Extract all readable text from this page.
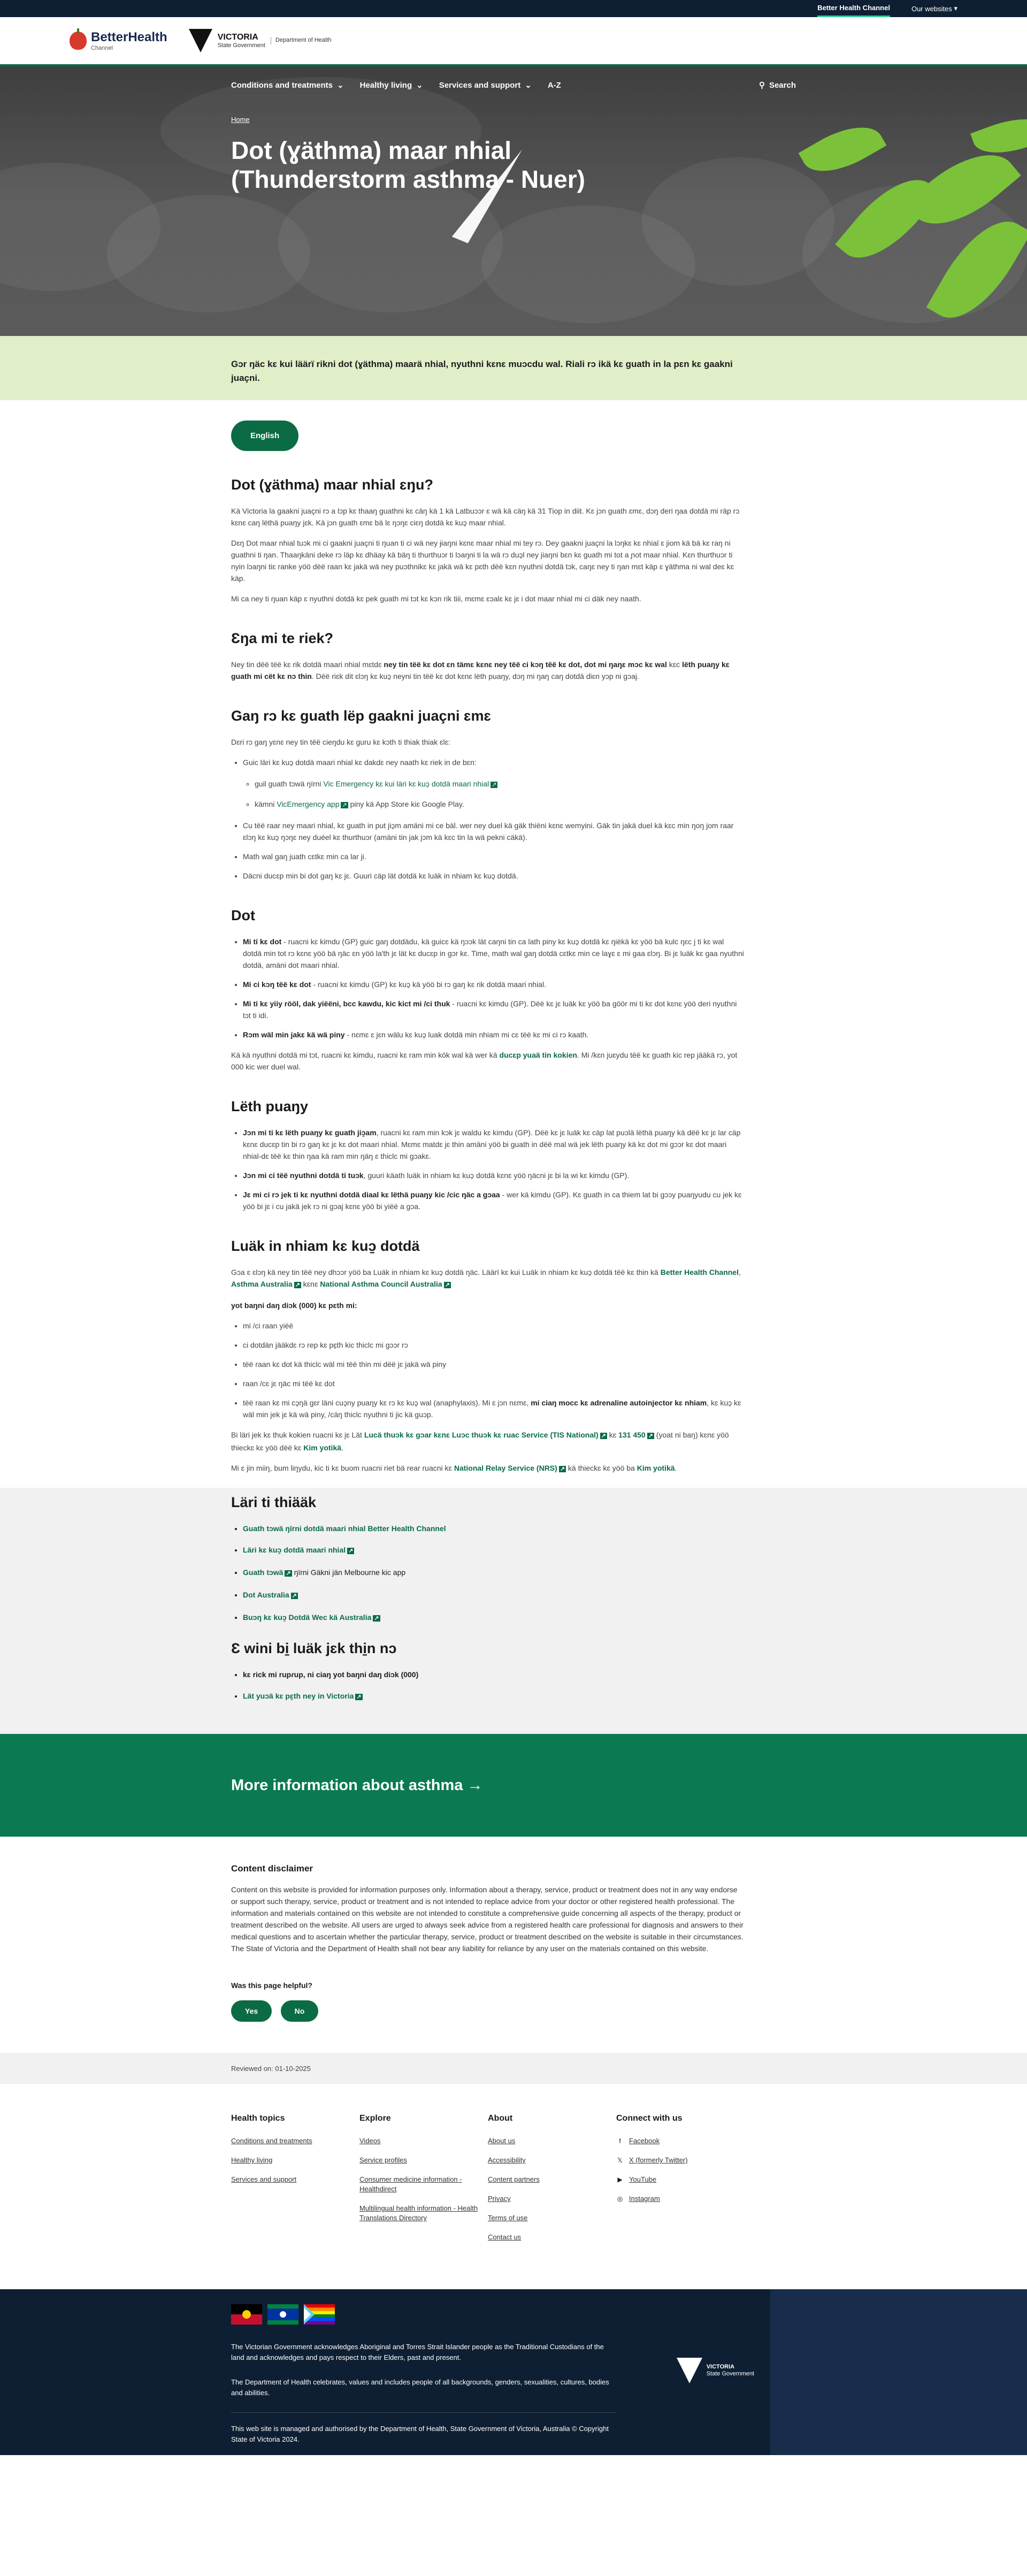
Better Health Channel	Our websites
▾
BetterHealth
Channel
VICTORIA
State Government
Department of Health
Conditions and treatments ⌄ Healthy living ⌄ Services and support ⌄ A-Z	⚲ Search
Home
Dot (ɣäthma) maar nhial (Thunderstorm asthma - Nuer)

Gɔr ŋäc kɛ kui läärï rikni dot (ɣäthma) maarä nhial, nyuthni kɛnɛ muɔcdu wal. Riali rɔ ikä kɛ guath in la pɛn kɛ gaakni juaçni.

English
Dot (ɣäthma) maar nhial ɛŋu?

Kä Victoria la gaakni juaçni rɔ a lɔp kɛ thaaŋ guathni kɛ cäŋ kä 1 kä Latbuɔɔr ɛ wä kä cäŋ kä 31 Tiop in diit. Kɛ jɔn guath ɛmɛ, dɔŋ deri ŋaa dotdä mi räp rɔ kɛnɛ caŋ lëthä puaŋy jɛk. Kä jɔn guath ɛmɛ bä lɛ ŋɔŋɛ ciɛŋ dotdä kɛ kuɔ̱ maar nhial.

Dɛŋ Dot maar nhial tuɔk mi ci gaakni juaçni ti ŋuan ti ci wä ney ɉiaŋni kɛnɛ maar nhial mi tey rɔ. Dey gaakni juaçni la lɔŋkɛ kɛ nhial ɛ jiom kä bä kɛ raŋ ni guathni ti ŋan. Thaaŋkäni deke rɔ läp kɛ dhäay kä bäŋ ti thurthuɔr ti lɔaŋni ti la wä rɔ duɔ̱l ney jiaŋni bɛn kɛ guath mi tot a ɲot maar nhial. Kɛn thurthuɔr ti nyin lɔaŋni tiɛ ranke yöö dëë raan kɛ jakä wä ney puɔthnikɛ kɛ jakä wä kɛ pɛth dëë kɛn nyuthni dotdä tɔk, caŋɛ ney ti ŋan mɛt käp ɛ ɣäthma ni wal deɛ kɛ käp.

Mi ca ney ti ŋuan käp ɛ nyuthni dotdä kɛ pek guath mi tɔt kɛ kɔn rik tiii, mɛmɛ ɛɔalɛ kɛ jɛ i dot maar nhial mi ci däk ney naath.

Ɛŋa mi te riek?

Ney tin dëë tëë kɛ rik dotdä maari nhial mɛtdɛ ney tin tëë kɛ dot ɛn tämɛ kɛnɛ ney tëë ci kɔŋ tëë kɛ dot, dot mi ŋaŋɛ mɔc kɛ wal kɛc lëth puaŋy kɛ guath mi cët kɛ nɔ thin. Dëë riɛk dit ɛlɔŋ kɛ kuɔ̱ neyni tin tëë kɛ dot kɛnɛ lëth puaŋy, dɔŋ mi ŋaŋ caŋ dotdä diɛn yɔp ni gɔaj.

Gaŋ rɔ kɛ guath lëp gaakni juaçni ɛmɛ

Dɛri rɔ gaŋ yɛnɛ ney tin tëë cieŋdu kɛ guru kɛ kɔth ti thiak thiak ɛlɛ:

• Guic läri kɛ kuɔ̱ dotdä maari nhial kɛ dakdɛ ney naath kɛ riek in de bɛn:
◦ guil guath tɔwä ŋïrni Vic Emergency kɛ kui läri kɛ kuɔ̱ dotdä maari nhial ↗
◦ kämni VicEmergency app ↗ piny kä App Store kiɛ Google Play.
• Cu tëë raar ney maari nhial, kɛ guath in put jiɔ̱m amäni mi ce bäl. wer ney duel kä gäk thiëni kɛnɛ wemyini. Gäk tin jakä duel kä kɛc min ŋoŋ jom raar ɛlɔŋ kɛ kuɔ̱ ŋɔŋɛ ney duéel kɛ thurthuɔr (amäni tin jak jɔm kä kɛc tin la wä pekni cäkä).
• Math wal gaŋ juath cɛtkɛ min ca lar ji.
• Däcni ducɛp min bi dot gaŋ kɛ jɛ. Guuri cäp lät dotdä kɛ luäk in nhiam kɛ kuɔ̱ dotdä.
Dot
• Mi ti kɛ dot - ruacni kɛ kimdu (GP) guic gaŋ dotdädu, kä guicɛ kä ŋɔɔk lät caŋni tin ca lath piny kɛ kuɔ̱ dotdä kɛ ŋiëkä kɛ yöö bä kulc ŋɛc j ti kɛ wal dotdä min tot rɔ kɛnɛ yöö bä ŋäc ɛn yöö la'th jɛ lät kɛ ducɛp in gɔr kɛ. Time, math wal gaŋ dotdä cɛtkɛ min ce laɣɛ ɛ mi gaa ɛlɔŋ. Bi jɛ luäk kɛ gaa nyuthni dotdä, amäni dot maari nhial.
• Mi ci kɔŋ tëë kɛ dot - ruacni kɛ kimdu (GP) kɛ kuɔ̱ kä yöö bi rɔ gaŋ kɛ rik dotdä maari nhial.
• Mi ti kɛ yiiy rööl, dak yiëëni, bcc kawdu, kic kict mi /ci thuk - ruacni kɛ kimdu (GP). Dëë kɛ jɛ luäk kɛ yöö ba göör mi ti kɛ dot kɛnɛ yöö deri nyuthni tɔt ti idi.
• Rɔm wäl min jakɛ kä wä piny - nɛmɛ ɛ jɛn wälu kɛ kuɔ̱ luak dotdä min nhiam mi cɛ tëë kɛ mi ci rɔ kaath.

Kä kä nyuthni dotdä mi tɔt, ruacni kɛ kimdu, ruacni kɛ ram min kök wal kä wer kä ducɛp yuaä tin kokien. Mi /kɛn juɛydu tëë kɛ guath kic rep jääkä rɔ, yot 000 kic wer duel wal.

Lëth puaŋy
• Jɔn mi ti kɛ lëth puaŋy kɛ guath jiɔ̱am, ruacni kɛ ram min kɔk jɛ waldu kɛ kimdu (GP). Dëë kɛ jɛ luäk kɛ cäp lat puɔlä lëthä puaŋy kä dëë kɛ jɛ lar cäp kɛnɛ ducɛp tin bi rɔ gaŋ kɛ jɛ kɛ dot maari nhial. Mɛmɛ matdɛ jɛ thin amäni yöö bi guath in dëë mal wä jek lëth puaŋy kä kɛ dot mi gɔɔr kɛ dot maari nhial-dɛ tëë kɛ thin ŋaa kä ram min ŋäŋ ɛ thiclc mi gɔakɛ.
• Jɔn mi ci tëë nyuthni dotdä ti tuɔk, guuri käath luäk in nhiam kɛ kuɔ̱ dotdä kɛnɛ yöö ŋäcni jɛ bi la wi kɛ kimdu (GP).
• Jɛ mi ci rɔ jek ti kɛ nyuthni dotdä diaal kɛ lëthä puaŋy kic /cic ŋäc a gɔaa - wer kä kimdu (GP). Kɛ guath in ca thiem lat bi gɔɔy puaŋyudu cu jek kɛ yöö bi jɛ i cu jakä jek rɔ ni gɔaj kɛnɛ yöö bi yiëë a gɔa.
Luäk in nhiam kɛ kuɔ̱ dotdä

Gɔa ɛ ɛlɔŋ kä ney tin tëë ney dhɔɔr yöö ba Luäk in nhiam kɛ kuɔ̱ dotdä ŋäc. Läärï kɛ kui Luäk in nhiam kɛ kuɔ̱ dotdä tëë kɛ thin kä Better Health Channel, Asthma Australia ↗ kɛnɛ National Asthma Council Australia ↗

yot baŋni daŋ diɔk (000) kɛ pɛth mi:

• mi /ci raan yiëë
• ci dotdän jääkdɛ rɔ rep kɛ pɛ̱th kic thiclc mi gɔɔr rɔ
• tëë raan kɛ dot kä thiclc wäl mi tëë thin mi dëë jɛ jakä wä piny
• raan /cɛ jɛ ŋäc mi tëë kɛ dot
• tëë raan kɛ mi cɔ̱ŋä gɛr läni cuɔ̱ny puaŋy kɛ rɔ kɛ kuɔ̱ wal (anaphylaxis). Mi ɛ jɔn nɛmɛ, mi ciaŋ mocc kɛ adrenaline autoinjector kɛ nhiam, kɛ kuɔ̱ kɛ wäl min jek jɛ kä wä piny, /cäŋ thiclc nyuthni ti jic kä guɔp.

Bi läri jek kɛ thuk kokien ruacni kɛ jɛ Lät Lucä thuɔk kɛ gɔar kɛnɛ Luɔc thuɔk kɛ ruac Service (TIS National) ↗ kɛ 131 450 ↗ (yoat ni baŋ) kɛnɛ yöö thieckɛ kɛ yöö dëë kɛ Kim yotikä.

Mi ɛ jin miiŋ, bum liŋydu, kic ti kɛ buom ruacni riet bä rear ruacni kɛ National Relay Service (NRS) ↗ kä thieckɛ kɛ yöö ba Kim yotikä.

Läri ti thiääk
• Guath tɔwä ŋïrni dotdä maari nhial Better Health Channel
• Läri kɛ kuɔ̱ dotdä maari nhial ↗
• Guath tɔwä ↗ ŋïrni Gäkni jän Melbourne kic app
• Dot Australia ↗
• Buɔŋ kɛ kuɔ̱ Dotdä Wec kä Australia ↗
Ɛ wini bi̱ luäk jɛk thi̱n nɔ
• kɛ rick mi rupɾup, ni ciaŋ yot baŋni daŋ diɔk (000)
• Lät yuɔä kɛ pɛ̱th ney in Victoria ↗
More information about asthma →
Content disclaimer

Content on this website is provided for information purposes only. Information about a therapy, service, product or treatment does not in any way endorse or support such therapy, service, product or treatment and is not intended to replace advice from your doctor or other registered health professional. The information and materials contained on this website are not intended to constitute a comprehensive guide concerning all aspects of the therapy, product or treatment described on the website. All users are urged to always seek advice from a registered health care professional for diagnosis and answers to their medical questions and to ascertain whether the particular therapy, service, product or treatment described on the website is suitable in their circumstances. The State of Victoria and the Department of Health shall not bear any liability for reliance by any user on the materials contained on this website.

Was this page helpful?
Yes	No
Reviewed on: 01-10-2025
Health topics
Conditions and treatments
Healthy living
Services and support
Explore
Videos
Service profiles
Consumer medicine information - Healthdirect
Multilingual health information - Health Translations Directory
About
About us
Accessibility
Content partners
Privacy
Terms of use
Contact us
Connect with us
f	Facebook
𝕏 X (formerly Twitter)
▶ YouTube
◎ Instagram
VICTORIA
State Government

The Victorian Government acknowledges Aboriginal and Torres Strait Islander people as the Traditional Custodians of the land and acknowledges and pays respect to their Elders, past and present.

The Department of Health celebrates, values and includes people of all backgrounds, genders, sexualities, cultures, bodies and abilities.

This web site is managed and authorised by the Department of Health, State Government of Victoria, Australia © Copyright State of Victoria 2024.
